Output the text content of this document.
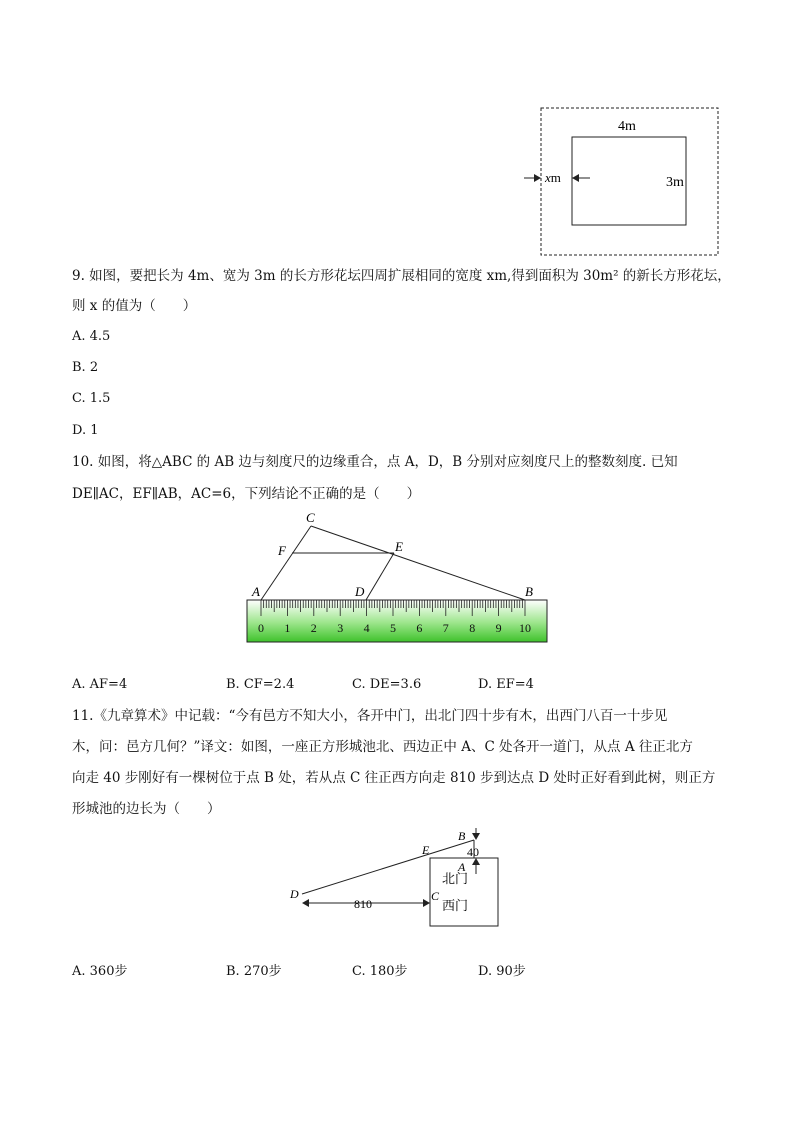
4m
3m
xm
9. 如图，要把长为 4m、宽为 3m 的长方形花坛四周扩展相同的宽度 xm,得到面积为 30m² 的新长方形花坛，
则 x 的值为（　　）
A. 4.5
B. 2
C. 1.5
D. 1
10. 如图，将△ABC 的 AB 边与刻度尺的边缘重合，点 A，D，B 分别对应刻度尺上的整数刻度. 已知
DE∥AC，EF∥AB，AC=6，下列结论不正确的是（　　）
0 1 2 3 4 5 6 7 8 9 10
C
F	E
A	D	B
A. AF=4	B. CF=2.4	C. DE=3.6	D. EF=4
11.《九章算术》中记载：“今有邑方不知大小，各开中门，出北门四十步有木，出西门八百一十步见
木，问：邑方几何？”译文：如图，一座正方形城池北、西边正中 A、C 处各开一道门，从点 A 往正北方
向走 40 步刚好有一棵树位于点 B 处，若从点 C 往正西方向走 810 步到达点 D 处时正好看到此树，则正方
形城池的边长为（　　）
B
E
A
D	C
40
810
北门
西门
A. 360步	B. 270步	C. 180步	D. 90步
